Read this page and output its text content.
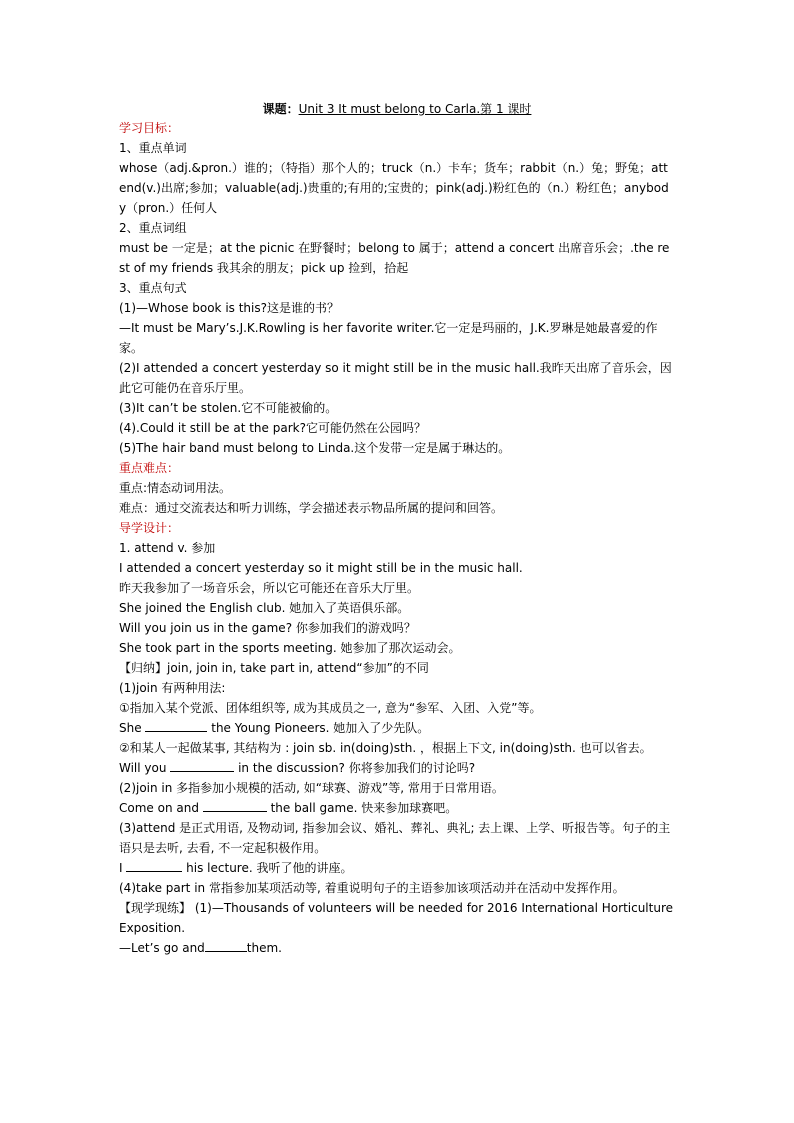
课题：Unit 3 It must belong to Carla.第 1 课时

学习目标：

1、重点单词

whose（adj.&pron.）谁的；（特指）那个人的；truck（n.）卡车；货车；rabbit（n.）兔；野兔；attend(v.)出席;参加；valuable(adj.)贵重的;有用的;宝贵的；pink(adj.)粉红色的（n.）粉红色；anybody（pron.）任何人

2、重点词组

must be 一定是；at the picnic 在野餐时；belong to 属于；attend a concert 出席音乐会；.the rest of my friends 我其余的朋友；pick up 捡到，拾起

3、重点句式

(1)—Whose book is this?这是谁的书？

—It must be Mary’s.J.K.Rowling is her favorite writer.它一定是玛丽的，J.K.罗琳是她最喜爱的作家。

(2)I attended a concert yesterday so it might still be in the music hall.我昨天出席了音乐会，因此它可能仍在音乐厅里。

(3)It can’t be stolen.它不可能被偷的。

(4).Could it still be at the park?它可能仍然在公园吗？

(5)The hair band must belong to Linda.这个发带一定是属于琳达的。

重点难点：

重点:情态动词用法。

难点：通过交流表达和听力训练，学会描述表示物品所属的提问和回答。

导学设计：

1. attend v. 参加

I attended a concert yesterday so it might still be in the music hall.

昨天我参加了一场音乐会，所以它可能还在音乐大厅里。

She joined the English club. 她加入了英语俱乐部。

Will you join us in the game? 你参加我们的游戏吗？

She took part in the sports meeting. 她参加了那次运动会。

【归纳】join, join in, take part in, attend“参加”的不同

(1)join 有两种用法:

①指加入某个党派、团体组织等, 成为其成员之一, 意为“参军、入团、入党”等。

She	the Young Pioneers. 她加入了少先队。

②和某人一起做某事, 其结构为 : join sb. in(doing)sth. ，根据上下文, in(doing)sth. 也可以省去。

Will you	in the discussion? 你将参加我们的讨论吗?

(2)join in 多指参加小规模的活动, 如“球赛、游戏”等, 常用于日常用语。

Come on and	the ball game. 快来参加球赛吧。

(3)attend 是正式用语, 及物动词, 指参加会议、婚礼、葬礼、典礼; 去上课、上学、听报告等。句子的主语只是去听, 去看, 不一定起积极作用。

I	his lecture. 我听了他的讲座。

(4)take part in 常指参加某项活动等, 着重说明句子的主语参加该项活动并在活动中发挥作用。

【现学现练】 (1)—Thousands of volunteers will be needed for 2016 International Horticulture Exposition.

—Let’s go and	them.
